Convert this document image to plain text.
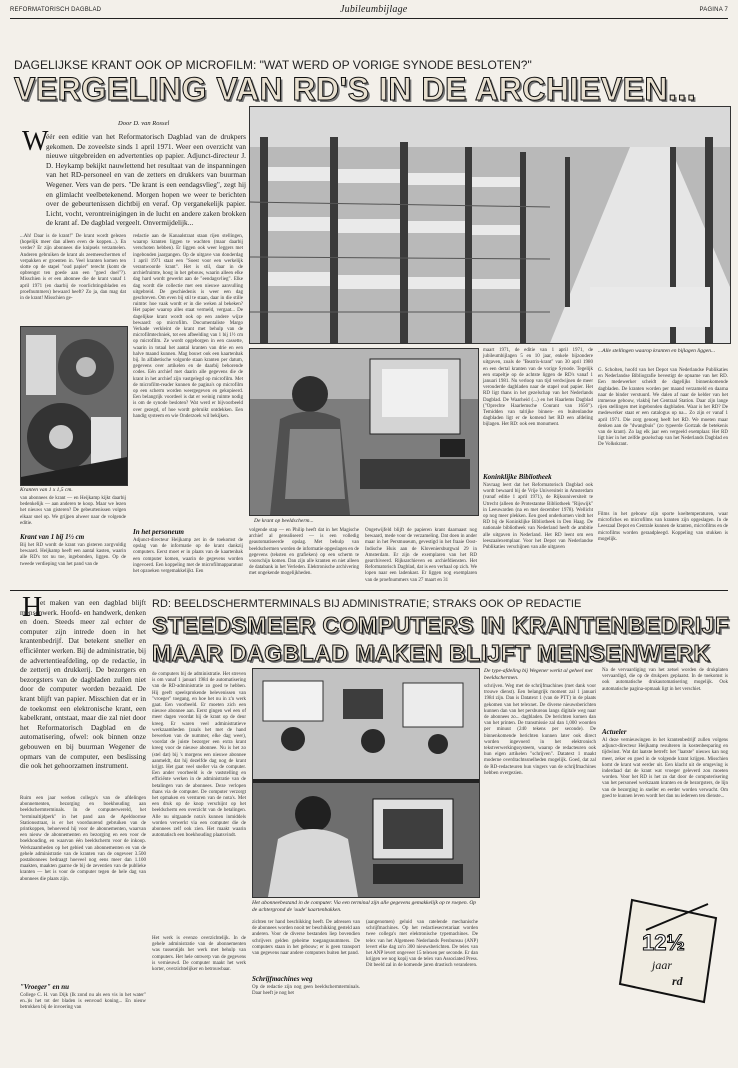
REFORMATORISCH DAGBLAD	Jubileumbijlage	PAGINA 7
DAGELIJKSE KRANT OOK OP MICROFILM: "WAT WERD OP VORIGE SYNODE BESLOTEN?"
VERGELING VAN RD'S IN DE ARCHIEVEN...
Door D. van Rossel
W
éér een editie van het Reformatorisch Dagblad van de drukpers gekomen. De zoveelste sinds 1 april 1971. Weer een overzicht van nieuwe uitgebreiden en advertenties op papier. Adjunct-directeur J. D. Heykamp bekijkt nauwlettend het resultaat van de inspanningen van het RD-personeel en van de zetters en drukkers van buurman Wegener. Vers van de pers. "De krant is een eendagsvlieg", zegt hij en glimlacht veelbetekenend. Morgen hopen we weer te berichten over de gebeurtenissen dichtbij en veraf. Op verganekelijk papier. Licht, vocht, verontreinigingen in de lucht en andere zaken brokken de krant af. De dagblad vergeelt. Onvermijdelijk...
...Ah! Daar is de krant!" De krant wordt gelezen (hopelijk meer dan alleen even de koppen...). En verder? Er zijn abonnees die knipsels verzamelen. Anderen gebruiken de krant als zeemeeschermen of verpakken er groenten in. Veel kranten komen ten slotte op de stapel "oud papier" terecht (komt de opbrengst ten goede aan een "goed doel"?). Misschien is er een abonnee die de krant vanaf 1 april 1971 (en daarbij de voorlichtingsbladen en proefnummers) bewaard heeft? Zo ja, dan mag dat in de krant! Misschien ge-
Kranten van 1 x 1,5 cm.
van abonnees de krant — en Heijkamp kijkt daarbij bedenkelijk — aan anderen te koop. Maar we lezen het nieuws van gisteren? De gebeurtenissen volgen elkaar snel op. We grijpen alweer naar de volgende editie.
Krant van 1 bij 1½ cm
Bij het RD wordt de krant van gisteren zorgvuldig bewaard. Heijkamp heeft een aantal kasten, waarin alle RD's tot nu toe, ingebonden, liggen. Op de tweede verdieping van het pand van de
redactie aan de Kanaalstraat staan rijen stellingen, waarop kranten liggen te wachten (maar daarbij verschoten hebben). Er liggen ook weer leggers met ingebonden jaargangen. Op de uitgave van donderdag 1 april 1971 staat een "Soest voor een werkelijk verantwoorde krant". Het is stil, daar in de archiefruimte, hoog in het gebouw, waarin alleen elke dag hard wordt gewerkt aan de "eendagsvlieg". Elke dag wordt die collectie met een nieuwe aanvulling uitgebreid. De geschiedenis is weer een dag geschreven. Om even bij stil te staan, daar in die stille ruimte: hoe vaak wordt er in die weken al bekeken? Het papier waarop alles staat vermeld, vergaat... De dagelijkse krant wordt ook op een andere wijze bewaard: op microfilm. Documentaliste Margo Verkade verkleint de krant met behulp van de microfilmtechniek, tot een afbeelding van 1 bij 1½ cm op microfilm. Ze wordt opgeborgen in een cassette, waarin in totaal het aantal kranten van drie en een halve maand kunnen. Mag bouwt ook een kaartenbak bij. In alfabetische volgorde staan kranten per datum, gegevens over artikelen en de daarbij behorende codes. Eén archief met daarin alle gegevens die de krant in het archief zijn vastgelegd op microfilm. Met de microfilm-reader kunnen de pagina's op microfilm op een scherm worden weergegeven en gekopieerd. Een belangrijk voordeel is dat er weinig ruimte nodig is om de synode besloten? Wat werd er bijvoorbeeld over gezegd, of hoe wordt gebruikt ontdekken. Een handig systeem en wie Onderzoek wil bekijken.
In het personeum
Adjunct-directeur Heijkamp zet in de toekomst de opslag van de informatie op de krant dankzij computers. Eerst moet er in plaats van de kaartenbak een computer komen, waarin de gegevens worden ingevoerd. Een koppeling met de microfilmapparatuur het opzoeken vergemakkelijkt. Een
...Alle stellingen waarop kranten en bijlagen liggen...
De krant op beeldscherm...
volgende stap — en Philip heeft dat in het Magische archief al gerealiseerd — is een volledig geautomatiseerde opslag. Met behulp van beeldschermen worden de informatie opgeslagen en de gegevens (teksten en grafieken) op een scherm te voorschijn komen. Dan zijn alle kranten en niet alleen de databank in het Verleden. Elektronische archivering met ongekende mogelijkheden.
Ongetwijfeld blijft de papieren krant daarnaast nog bewaard, mede voor de verzameling. Dat doen in ander maar in het Persmuseum, gevestigd in het fraaie Oost-Indische Huis aan de Kloveniersburgwal 29 in Amsterdam. Er zijn de exemplaren van het RD gearchiveerd. Rijksarchieven en archiefdiensten. Het Reformatorisch Dagblad, dat is een verhaal op zich. We lopen naar een ladenkast. Er liggen nog exemplaren van de proefnummers van 27 maart en 31
maart 1971, de editie van 1 april 1971, de jubileumbijlagen 5 en 10 jaar, enkele bijzondere uitgaven, zoals de "Beatrix-krant" van 30 april 1980 en een dertal kranten van de vorige Synode. Tegelijk een stapeltje op de achtste liggen de RD's vanaf 1 januari 1981. Nu verloop van tijd verdwijnen de meer verouderde dagbladen naar de stapel oud papier. Het RD ligt thans in het gezelschap van het Nederlands Dagblad. De Waarheid (...) en het Haarlems Dagblad ("Oprechte Haarlemsche Courant van 1656"). Temidden van talrijke binnen- en buitenlandse dagbladen ligt er de komend het RD een afdeling bijlagen. Het RD: ook een monument.
Koninklijke Bibliotheek
Navraag leert dat het Reformatorisch Dagblad ook wordt bewaard bij de Vrije Universiteit in Amsterdam (vanaf editie 1 april 1971), de Rijksuniversiteit te Utrecht (alleen de Protestantse Bibliotheek "Rijswijk" in Leeuwarden (na en met december 1978). Wellicht op nog meer plekken. Een goed onderkomen vindt het RD bij de Koninklijke Bibliotheek in Den Haag. De nationale bibliotheek van Nederland heeft de ambitie alle uitgaven in Nederland. Het RD leent om een leeszaalexemplaar. Voor het Depot van Nederlandse Publikaties verschijnen van alle uitgaven
G. Scholten, hoofd van het Depot van Nederlandse Publikaties en Nederlandse Bibliografie bevestigt de opname van het RD. Een medewerker scheidt de dagelijks binnenkomende dagbladen. De kranten worden per maand verzameld en daarna naar de binder verstuurd. We dalen af naar de kelder van het immense gebouw, vlakbij het Centraal Station. Daar zijn lange rijen stellingen met ingebonden dagbladen. Waar is het RD? De medewerker staat er een catalogus op na... Zo zijn er vanaf 1 april 1971. Die zorg genoeg heeft het RD. We moeten maar denken aan de "dwangbuis" (zo typeerde Gortzak de betekenis van de krant). Zo lag elk jaar een vergeeld exemplaar. Het RD ligt hier in het zelfde gezelschap van het Nederlands Dagblad en De Volkskrant.
Films in het gebouw zijn sporte koeltemperaturen, waar microfiches en microfilms van kranten zijn opgeslagen. In de Leeszaal Depot en Centrale kunnen de kranten, microfilms en de microfilms worden geraadpleegd. Koppeling van stukken is mogelijk.
H
et maken van een dagblad blijft mensenwerk. Hoofd- en handwerk, denken en doen. Steeds meer zal echter de computer zijn intrede doen in het krantenbedrijf. Dat betekent sneller en efficiënter werken. Bij de administratie, bij de advertentieafdeling, op de redactie, in de zetterij en drukkerij. De bezorgers en bezorgsters van de dagbladen zullen niet door de computer worden bezaaid. De krant blijft van papier. Misschien dat er in de toekomst een elektronische krant, een kabelkrant, ontstaat, maar die zal niet door het Reformatorisch Dagblad en de automatisering, ofwel: ook binnen onze gebouwen en bij buurman Wegener de opmars van de computer, een beslissing die ook het gehoorzamen instrument.
RD: BEELDSCHERMTERMINALS BIJ ADMINISTRATIE; STRAKS OOK OP REDACTIE
STEEDSMEER COMPUTERS IN KRANTENBEDRIJF
MAAR DAGBLAD MAKEN BLIJFT MENSENWERK
Ruim een jaar werken collega's van de afdelingen abonnementen, bezorging en boekhouding aan beeldschermterminals. In de computerwereld, het "terminaltijdperk" in het pand aan de Apeldoornse Stationsstraat, is er het voorduurend gebruiken van de printkoppen, behoevend hij voor de abonnementen, waarvan een nieuw de abonnementen en bezorging en een voor de boekhouding, en waarvan één beeldscherm voor de inkoop. Werkzaamheden op het gebied van abonnementen en van de gehele administratie van de kranten van de ongeveer 3.500 postabonnees bedraagt hoeveel nog eens meer dan 1.100 maakten, maakten gaarne de bij de zeventien van de publieke kranten — het is voor de computer tegen de hele dag van abonnees die plaats zijn.
"Vroeger" en nu
College C. H. van Dijk (Ik zond nu als een vis in het water" en..)is het tot der bladen is eenvoud koning... En nieuw betrokken bij de invoering van
de computers bij de administratie. Het streven is om vanaf 1 januari 1984 de automatisering van de RD-administratie zo goed te hebben. Hij geeft speelsprokende belevenissen van "vroeger" toegang, en hoe het nu in z'n werk gaat. Een voorbeeld. Er moeten zich een nieuwe abonnee aan. Eerst gingen wel een of meer dagen voordat hij de krant op de deur kreeg. Er waren veel administratieve werkzaamheden (zoals het met de hand bewerken van de nummer, elke dag weer), voordat de juiste bezorger een extra krant kreeg voor de nieuwe abonnee. Nu is het zo (stel dat) bij 's morgens een nieuwe abonnee aanmeldt, dat hij dezelfde dag nog de krant krijgt. Het gaat veel sneller via de computer. Een ander voorbeeld is de vaststelling en efficiënte werken in de administratie van de betalingen van de abonnees. Deze verlopen thans via de computer. De computer verzorgt het opmaken en versturen van de nota's. Met een druk op de knop verschijnt op het beeldscherm een overzicht van de betalingen. Alle nu uitgaande nota's kunnen inmiddels worden verwerkt via een computer die de abonnees zelf ook zien. Het maakt waarin automatisch een boekhouding plaatsvindt.
Het werk is evenzo overzichtelijk. In de gehele administratie van de abonnementen was tussentijds het werk met behulp van computers. Het hele ontwerp van de gegevens is vernieuwd. De computer maakt het werk korter, overzichtelijker en betrouwbaar.
Het abonneebestand in de computer. Via een terminal zijn alle gegevens gemakkelijk op te roepen. Op de achtergrond de 'oude' kaartenbakken.
zichten ter hand beschikking heeft. De adressen van de abonnees worden nooit ter beschikking gesteld aan anderen. Voor de diverse bestanden liep bovendien schrijvers gelden geheime toegangsnummers. De computers staan in het gebouw; er is geen transport van gegevens naar andere computers buiten het pand.
Schrijfmachines weg
Op de redactie zijn nog geen beeldschermterminals. Daar heeft je nog het
(aangenomen) geluid van ratelende mechanische schrijfmachines. Op het redactiesecretariaat worden twee collega's met elektronische typemachines. De telex van het Algemeen Nederlands Persbureau (ANP) levert elke dag zo'n 300 nieuwsberichten. De telex van het ANP levert ongeveer 15 telexen per seconde. Er dan krijgen we nog kopij van de telex van Associated Press. Dit beeld zal in de komende jaren drastisch veranderen.
De type-afdeling bij Wegener werkt al geheel met beeldschermen.
schrijven. Weg met de schrijfmachines (met dank voor trouwe dienst). Een belangrijk moment zal 1 januari 1984 zijn. Dan is Datatext 1 (van de PTT) in de plaats gekomen van het telexnet. De diverse nieuwsberichten kunnen dan van het persbureau langs digitale weg naar de abonnees zo... dagbladen. De berichten komen dan van het printen. De transmissie zal dan 1,000 woorden per minuut (240 tekens per seconde). De binnenkomende berichten kunnen later ook direct worden ingevoerd in het elektronisch tekstverwerkingssysteem, waarop de redacteuren ook hun eigen artikelen "schrijven". Datatext 1 maakt moderne overdrachtssnelheden mogelijk. Goed, dat zal de RD-redacteuren hun vingers van de schrijfmachines hebben overgezien.
Na de vervaardiging van het zetsel worden de drukplaten vervaardigd, die op de drukpers geplaatst. In de toekomst is ook automatische drukautomatisering mogelijk. Ook automatische pagina-opmaak ligt in het verschiet.
Actueler
Al deze vernieuwingen in het krantenbedrijf zullen volgens adjunct-directeur Heijkamp resulteren in kostenbesparing en tijdwinst. Wat dat laatste betreft: het "laatste" nieuws kan nog meer, zeker en goed in de volgende krant krijgen. Misschien komt de krant wat eerder uit. Een klacht uit de omgeving is inderdaad dat de krant wat vroeger geleverd zou moeten worden. Voor het RD is het zo dat door de computerisering van het personeel werkzaam kranten en de bezorgsters, de lijn van de bezorging in sneller en eerder worden verwacht. Om goed te kunnen leven wordt het dan nu iedereen ten dienste...
12½
jaar
rd
